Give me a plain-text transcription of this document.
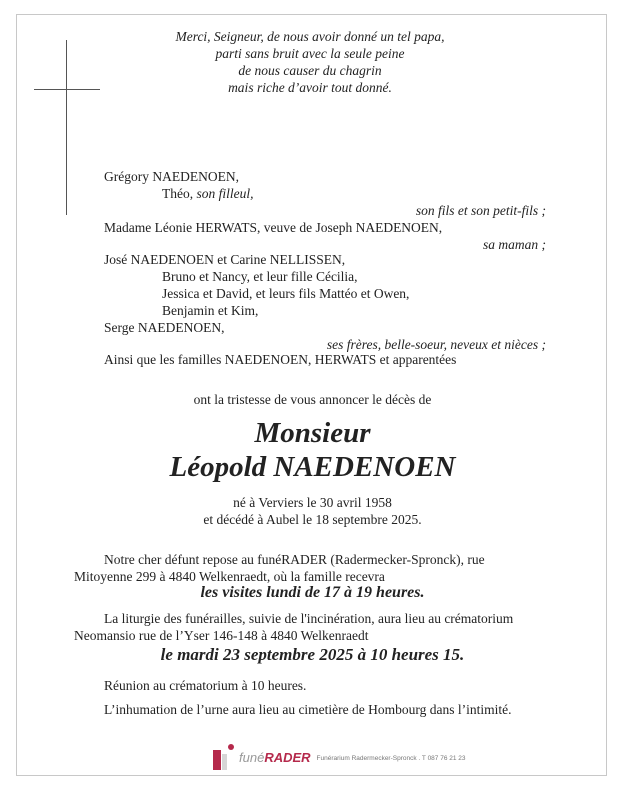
Merci, Seigneur, de nous avoir donné un tel papa,
parti sans bruit avec la seule peine
de nous causer du chagrin
mais riche d’avoir tout donné.
Grégory NAEDENOEN,
Théo, son filleul,
son fils et son petit-fils ;
Madame Léonie HERWATS, veuve de Joseph NAEDENOEN,
sa maman ;
José NAEDENOEN et Carine NELLISSEN,
Bruno et Nancy, et leur fille Cécilia,
Jessica et David, et leurs fils Mattéo et Owen,
Benjamin et Kim,
Serge NAEDENOEN,
ses frères, belle-soeur, neveux et nièces ;
Ainsi que les familles NAEDENOEN, HERWATS et apparentées
ont la tristesse de vous annoncer le décès de
Monsieur
Léopold NAEDENOEN
né à Verviers le 30 avril 1958
et décédé à Aubel le 18 septembre 2025.
Notre cher défunt repose au funéRADER (Radermecker-Spronck), rue
Mitoyenne 299 à 4840 Welkenraedt, où la famille recevra
les visites lundi de 17 à 19 heures.
La liturgie des funérailles, suivie de l'incinération, aura lieu au crématorium
Neomansio rue de l’Yser 146-148 à 4840 Welkenraedt
le mardi 23 septembre 2025 à 10 heures 15.
Réunion au crématorium à 10 heures.
L’inhumation de l’urne aura lieu au cimetière de Hombourg dans l’intimité.
funéRADER Funérarium Radermecker-Spronck . T 087 76 21 23
